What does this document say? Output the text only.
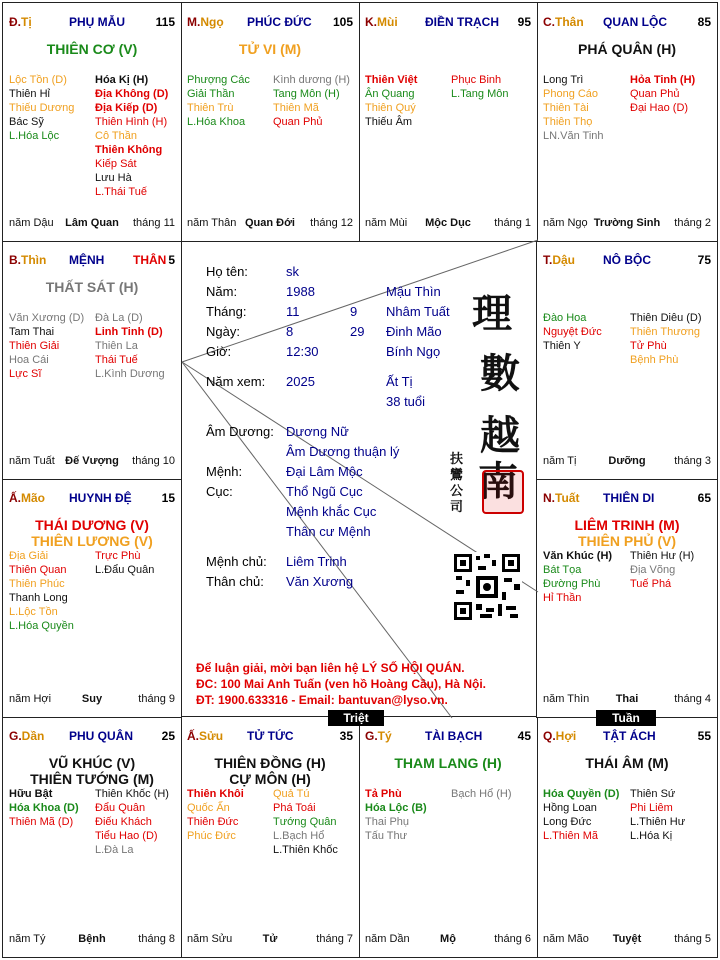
Q.Hợi TẬT ÁCH	55
THÁI ÂM (M)
Hóa Quyền (D)
Hồng Loan
Long Đức
L.Thiên Mã
Thiên Sứ
Phi Liêm
L.Thiên Hư
L.Hóa Kị
năm Mão	Tuyệt	tháng 5
G.Tý	TÀI BẠCH	45
THAM LANG (H)
Tả Phù
Hóa Lộc (B)
Thai Phụ
Tấu Thư
Bạch Hổ (H)
năm Dần	Mộ	tháng 6
Ấ.Sửu TỬ TỨC	35
THIÊN ĐỒNG (H)
CỰ MÔN (H)
Thiên Khôi
Quốc Ấn
Thiên Đức
Phúc Đức
Quả Tú
Phá Toái
Tướng Quân
L.Bạch Hổ
L.Thiên Khốc
năm Sửu	Tử	tháng 7
G.Dần PHU QUÂN 25
VŨ KHÚC (V)
THIÊN TƯỚNG (M)
Hữu Bật
Hóa Khoa (D)
Thiên Mã (D)
Thiên Khốc (H)
Đẩu Quân
Điếu Khách
Tiểu Hao (D)
L.Đà La
năm Tý	Bệnh	tháng 8
N.Tuất THIÊN DI	65
LIÊM TRINH (M)
THIÊN PHỦ (V)
Văn Khúc (H)
Bát Tọa
Đường Phù
Hỉ Thần
Thiên Hư (H)
Địa Võng
Tuế Phá
năm Thìn	Thai	tháng 4
Ấ.Mão HUYNH ĐỆ 15
THÁI DƯƠNG (V)
THIÊN LƯƠNG (V)
Địa Giải
Thiên Quan
Thiên Phúc
Thanh Long
L.Lộc Tồn
L.Hóa Quyền
Trực Phù
L.Đẩu Quân
năm Hợi	Suy	tháng 9
T.Dậu NÔ BỘC	75
Đào Hoa
Nguyệt Đức
Thiên Y
Thiên Diêu (D)
Thiên Thương
Tử Phù
Bệnh Phù
năm Tị	Dưỡng	tháng 3
B.Thìn MỆNH THÂN 5
THẤT SÁT (H)
Văn Xương (D)
Tam Thai
Thiên Giải
Hoa Cái
Lực Sĩ
Đà La (D)
Linh Tinh (D)
Thiên La
Thái Tuế
L.Kình Dương
năm Tuất Đế Vượng	tháng 10
C.Thân QUAN LỘC	85
PHÁ QUÂN (H)
Long Trì
Phong Cáo
Thiên Tài
Thiên Thọ
LN.Văn Tinh
Hỏa Tinh (H)
Quan Phủ
Đại Hao (D)
năm Ngọ Trường Sinh	tháng 2
K.Mùi ĐIỀN TRẠCH 95
Thiên Việt
Ân Quang
Thiên Quý
Thiếu Âm
Phục Binh
L.Tang Môn
năm Mùi	Mộc Dục	tháng 1
M.Ngọ PHÚC ĐỨC 105
TỬ VI (M)
Phượng Các
Giải Thần
Thiên Trù
L.Hóa Khoa
Kình dương (H)
Tang Môn (H)
Thiên Mã
Quan Phủ
năm Thân Quan Đới	tháng 12
Đ.Tị	PHỤ MẪU	115
THIÊN CƠ (V)
Lộc Tồn (D)
Thiên Hỉ
Thiếu Dương
Bác Sỹ
L.Hóa Lộc
Hóa Kị (H)
Địa Không (D)
Địa Kiếp (D)
Thiên Hình (H)
Cô Thần
Thiên Không
Kiếp Sát
Lưu Hà
L.Thái Tuế
năm Dậu	Lâm Quan	tháng 11
Họ tên:	sk
Năm:	1988	Mậu Thìn
Tháng:	11	9 Nhâm Tuất
Ngày:	8	29 Đinh Mão
Giờ:	12:30	Bính Ngọ
Năm xem: 2025	Ất Tị
38 tuổi
Âm Dương: Dương Nữ
Âm Dương thuận lý
Mệnh:	Đại Lâm Mộc
Cục:	Thổ Ngũ Cục
Mệnh khắc Cục
Thân cư Mệnh
Mệnh chủ: Liêm Trinh
Thân chủ: Văn Xương
理
數
越
南
扶
鸞
公
司
Để luận giải, mời bạn liên hệ LÝ SỐ HỘI QUÁN.
ĐC: 100 Mai Anh Tuấn (ven hồ Hoàng Cầu), Hà Nội.
ĐT: 1900.633316 - Email: bantuvan@lyso.vn.
Triệt	Tuần
